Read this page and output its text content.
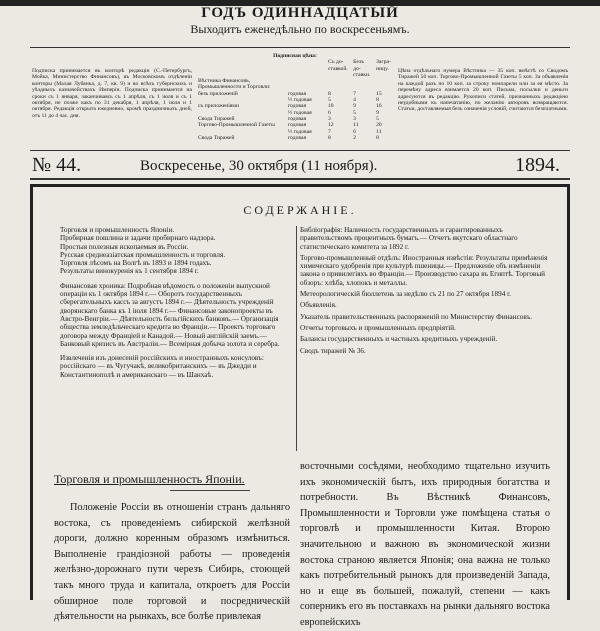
ГОДЪ ОДИННАДЦАТЫЙ
Выходитъ еженедѣльно по воскресеньямъ.

Подписка принимается въ конторѣ редакціи (С.-Петербургъ, Мойка, Министерство Финансовъ), въ Московскомъ отдѣленіи конторы (Малая Лубянка, д. 7, кв. 9) и во всѣхъ губернскихъ и уѣздныхъ казначействахъ Имперіи. Подписка принимается на сроки съ 1 января, заканчиваясь съ 1 апрѣля, съ 1 іюля и съ 1 октября, не позже какъ по 31 декабря, 1 апрѣля, 1 іюля и 1 октября. Редакція открыта ежедневно, кромѣ праздничныхъ дней, отъ 11 до 4 час. дня.

Подписная цѣна:
		Съ до-ставкой.	Безъ до-ставки.	Загра-ницу.
Вѣстника Финансовъ, Промышленности и Торговли:				
безъ приложеній	годовая	8	7	15
	½ годовая	5	4	8
съ приложеніями	годовая	10	9	16
	½ годовая	6	5	9
Свода Тиражей	годовая	3	3	5
Торгово-Промышленной Газеты	годовая	12	11	20
	½ годовая	7	6	11
Свода Тиражей	годовая	8	2	8

Цѣна отдѣльнаго нумера Вѣстника — 35 коп. вмѣстѣ со Сводомъ Тиражей 50 коп. Торгово-Промышленной Газеты 5 коп. За объявленія на каждой разъ по 10 коп. за строку нонпарели или за ея мѣсто. За перемѣну адреса взимается 20 коп. Письма, посылки и деньги адресуются въ редакцію. Рукописи статей, признанныхъ редакціею неудобными къ напечатанію, по желанію авторовъ возвращаются. Статьи, доставляемыя безъ означенія условій, считаются безплатными.

№ 44.	Воскресенье, 30 октября (11 ноября).	1894.
СОДЕРЖАНІЕ.

Торговля и промышленность Японіи.

Пробирная пошлина и задачи пробирнаго надзора.

Простыя полезныя ископаемыя въ Россіи.

Русская среднеазіатская промышленность и торговля.

Торговля лѣсомъ на Волгѣ въ 1893 и 1894 годахъ.

Результаты винокуренія къ 1 сентября 1894 г.

Финансовая хроника: Подробная вѣдомость о положеніи выпускной операціи къ 1 октября 1894 г.— Оборотъ государственныхъ сберегательныхъ кассъ за августъ 1894 г.— Дѣятельность учрежденій дворянскаго банка къ 1 іюля 1894 г.— Финансовые законопроекты въ Австро-Венгріи.— Дѣятельность бельгійскихъ банковъ.— Организація общества земледѣльческаго кредита во Франціи.— Проектъ торговаго договора между Франціей и Канадой.— Новый англійскій заемъ.— Банковый кризисъ въ Австраліи.— Всемірная добыча золота и серебра.

Извлеченія изъ донесеній россійскихъ и иностранныхъ консуловъ: россійскаго — въ Чугучакѣ, великобританскихъ — въ Джедди и Константинополѣ и американскаго — въ Шанхаѣ.

Библіографія: Наличность государственныхъ и гарантированныхъ правительствомъ процентныхъ бумагъ.— Отчетъ якутскаго областнаго статистическаго комитета за 1892 г.

Торгово-промышленный отдѣлъ: Иностранныя извѣстія: Результаты примѣненія химическаго удобренія при культурѣ пшеницы.— Предложеніе объ измѣненіи закона о привилегіяхъ во Франціи.— Производство сахара въ Египтѣ. Торговый обзоръ: хлѣба, хлопокъ и металлы.

Метеорологическій бюллетень за недѣлю съ 21 по 27 октября 1894 г.

Объявленія.

Указатель правительственныхъ распоряженій по Министерству Финансовъ.

Отчеты торговыхъ и промышленныхъ предпріятій.

Балансы государственныхъ и частныхъ кредитныхъ учрежденій.

Сводъ тиражей № 36.

Торговля и промышленность Японіи.

Положеніе Россіи въ отношеніи странъ дальняго востока, съ проведеніемъ сибирской желѣзной дороги, должно коренным образомъ измѣниться. Выполненіе грандіозной работы — проведенія желѣзно-дорожнаго пути черезъ Сибирь, стоющей такъ много труда и капитала, откроетъ для Россіи обширное поле торговой и посредническій дѣятельности на рынкахъ, все болѣе привлекая

восточными сосѣдями, необходимо тщательно изучить ихъ экономическій бытъ, ихъ природныя богатства и потребности. Въ Вѣстникѣ Финансовъ, Промышленности и Торговли уже помѣщена статья о торговлѣ и промышленности Китая. Второю значительною и важною въ экономической жизни востока страною является Японія; она важна не только какъ потребительный рынокъ для произведеній Запада, но и еще въ большей, пожалуй, степени — какъ соперникъ его въ поставкахъ на рынки дальняго востока европейскихъ
